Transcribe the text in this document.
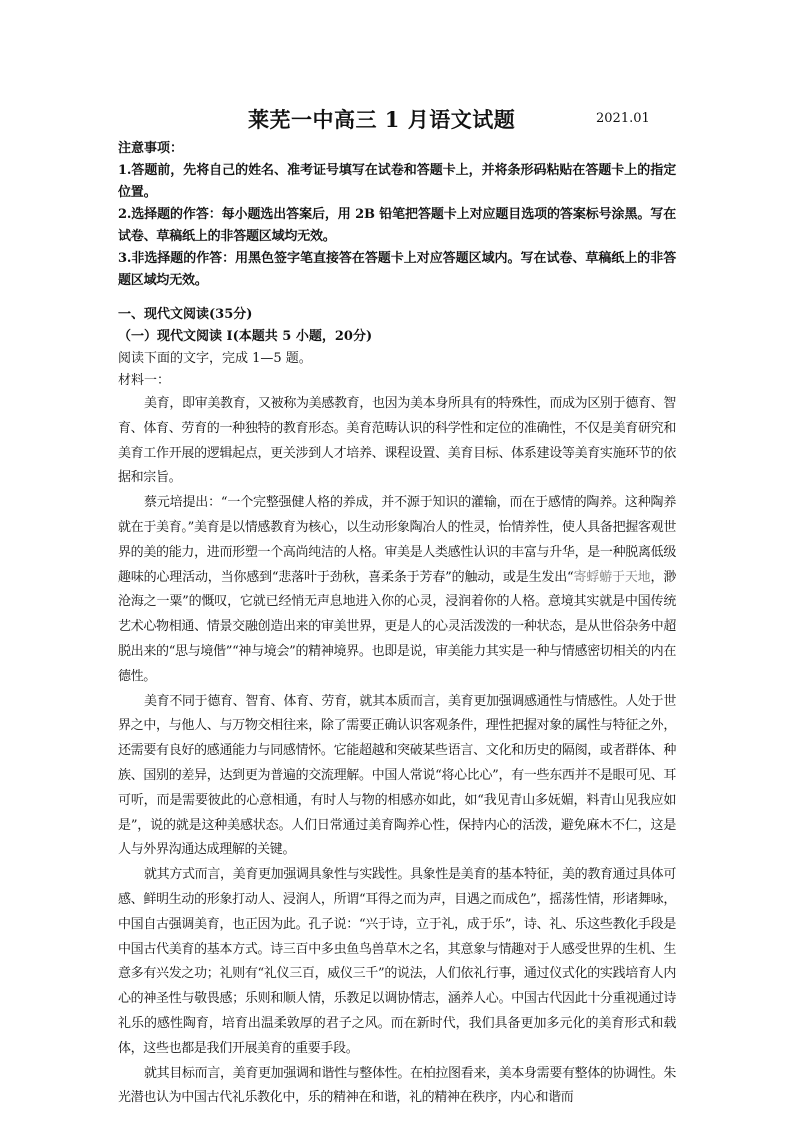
莱芜一中高三 1 月语文试题	2021.01
注意事项：
1.答题前，先将自己的姓名、准考证号填写在试卷和答题卡上，并将条形码粘贴在答题卡上的指定位置。
2.选择题的作答：每小题选出答案后，用 2B 铅笔把答题卡上对应题目选项的答案标号涂黑。写在试卷、草稿纸上的非答题区域均无效。
3.非选择题的作答：用黑色签字笔直接答在答题卡上对应答题区域内。写在试卷、草稿纸上的非答题区域均无效。
一、现代文阅读(35分)
（一）现代文阅读 I(本题共 5 小题，20分)
阅读下面的文字，完成 1—5 题。
材料一：

美育，即审美教育，又被称为美感教育，也因为美本身所具有的特殊性，而成为区别于德育、智育、体育、劳育的一种独特的教育形态。美育范畴认识的科学性和定位的准确性，不仅是美育研究和美育工作开展的逻辑起点，更关涉到人才培养、课程设置、美育目标、体系建设等美育实施环节的依据和宗旨。

蔡元培提出：“一个完整强健人格的养成，并不源于知识的灌输，而在于感情的陶养。这种陶养就在于美育。”美育是以情感教育为核心，以生动形象陶冶人的性灵，怡情养性，使人具备把握客观世界的美的能力，进而形塑一个高尚纯洁的人格。审美是人类感性认识的丰富与升华，是一种脱离低级趣味的心理活动，当你感到“悲落叶于劲秋，喜柔条于芳春”的触动，或是生发出“寄蜉蝣于天地，渺沧海之一粟”的慨叹，它就已经悄无声息地进入你的心灵，浸润着你的人格。意境其实就是中国传统艺术心物相通、情景交融创造出来的审美世界，更是人的心灵活泼泼的一种状态，是从世俗杂务中超脱出来的“思与境偕”“神与境会”的精神境界。也即是说，审美能力其实是一种与情感密切相关的内在德性。

美育不同于德育、智育、体育、劳育，就其本质而言，美育更加强调感通性与情感性。人处于世界之中，与他人、与万物交相往来，除了需要正确认识客观条件，理性把握对象的属性与特征之外，还需要有良好的感通能力与同感情怀。它能超越和突破某些语言、文化和历史的隔阂，或者群体、种族、国别的差异，达到更为普遍的交流理解。中国人常说“将心比心”，有一些东西并不是眼可见、耳可听，而是需要彼此的心意相通，有时人与物的相感亦如此，如“我见青山多妩媚，料青山见我应如是”，说的就是这种美感状态。人们日常通过美育陶养心性，保持内心的活泼，避免麻木不仁，这是人与外界沟通达成理解的关键。

就其方式而言，美育更加强调具象性与实践性。具象性是美育的基本特征，美的教育通过具体可感、鲜明生动的形象打动人、浸润人，所谓“耳得之而为声，目遇之而成色”，摇荡性情，形诸舞咏，中国自古强调美育，也正因为此。孔子说：“兴于诗，立于礼，成于乐”，诗、礼、乐这些教化手段是中国古代美育的基本方式。诗三百中多虫鱼鸟兽草木之名，其意象与情趣对于人感受世界的生机、生意多有兴发之功；礼则有“礼仪三百，威仪三千”的说法，人们依礼行事，通过仪式化的实践培育人内心的神圣性与敬畏感；乐则和顺人情，乐教足以调协情志，涵养人心。中国古代因此十分重视通过诗礼乐的感性陶育，培育出温柔敦厚的君子之风。而在新时代，我们具备更加多元化的美育形式和载体，这些也都是我们开展美育的重要手段。

就其目标而言，美育更加强调和谐性与整体性。在柏拉图看来，美本身需要有整体的协调性。朱光潜也认为中国古代礼乐教化中，乐的精神在和谐，礼的精神在秩序，内心和谐而
